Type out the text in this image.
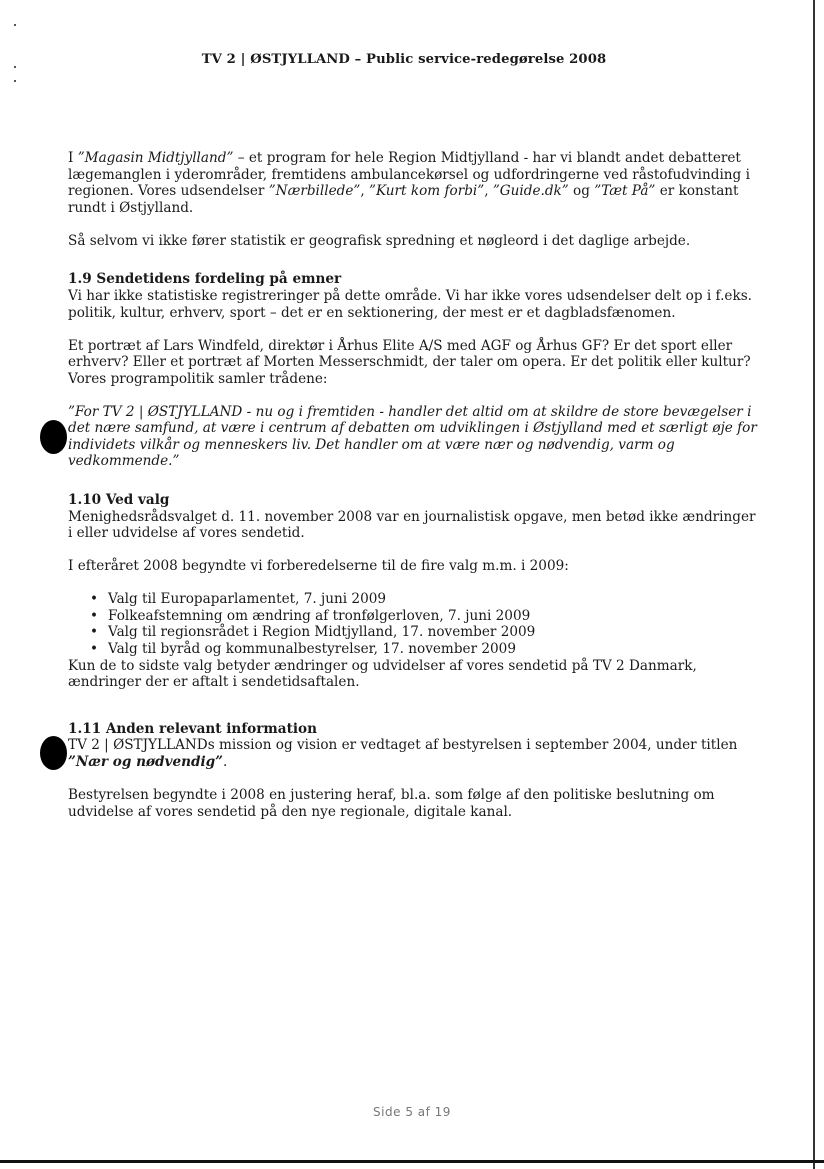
TV 2 | ØSTJYLLAND – Public service-redegørelse 2008

I ”Magasin Midtjylland” – et program for hele Region Midtjylland - har vi blandt andet debatteret lægemanglen i yderområder, fremtidens ambulancekørsel og udfordringerne ved råstofudvinding i regionen. Vores udsendelser ”Nærbillede”, ”Kurt kom forbi”, ”Guide.dk” og ”Tæt På” er konstant rundt i Østjylland.

Så selvom vi ikke fører statistik er geografisk spredning et nøgleord i det daglige arbejde.

1.9 Sendetidens fordeling på emner

Vi har ikke statistiske registreringer på dette område. Vi har ikke vores udsendelser delt op i f.eks. politik, kultur, erhverv, sport – det er en sektionering, der mest er et dagbladsfænomen.

Et portræt af Lars Windfeld, direktør i Århus Elite A/S med AGF og Århus GF? Er det sport eller erhverv? Eller et portræt af Morten Messerschmidt, der taler om opera. Er det politik eller kultur? Vores programpolitik samler trådene:

”For TV 2 | ØSTJYLLAND - nu og i fremtiden - handler det altid om at skildre de store bevægelser i det nære samfund, at være i centrum af debatten om udviklingen i Østjylland med et særligt øje for individets vilkår og menneskers liv. Det handler om at være nær og nødvendig, varm og vedkommende.”

1.10 Ved valg

Menighedsrådsvalget d. 11. november 2008 var en journalistisk opgave, men betød ikke ændringer i eller udvidelse af vores sendetid.

I efteråret 2008 begyndte vi forberedelserne til de fire valg m.m. i 2009:

• Valg til Europaparlamentet, 7. juni 2009
• Folkeafstemning om ændring af tronfølgerloven, 7. juni 2009
• Valg til regionsrådet i Region Midtjylland, 17. november 2009
• Valg til byråd og kommunalbestyrelser, 17. november 2009

Kun de to sidste valg betyder ændringer og udvidelser af vores sendetid på TV 2 Danmark, ændringer der er aftalt i sendetidsaftalen.

1.11 Anden relevant information

TV 2 | ØSTJYLLANDs mission og vision er vedtaget af bestyrelsen i september 2004, under titlen ”Nær og nødvendig”.

Bestyrelsen begyndte i 2008 en justering heraf, bl.a. som følge af den politiske beslutning om udvidelse af vores sendetid på den nye regionale, digitale kanal.

Side 5 af 19
